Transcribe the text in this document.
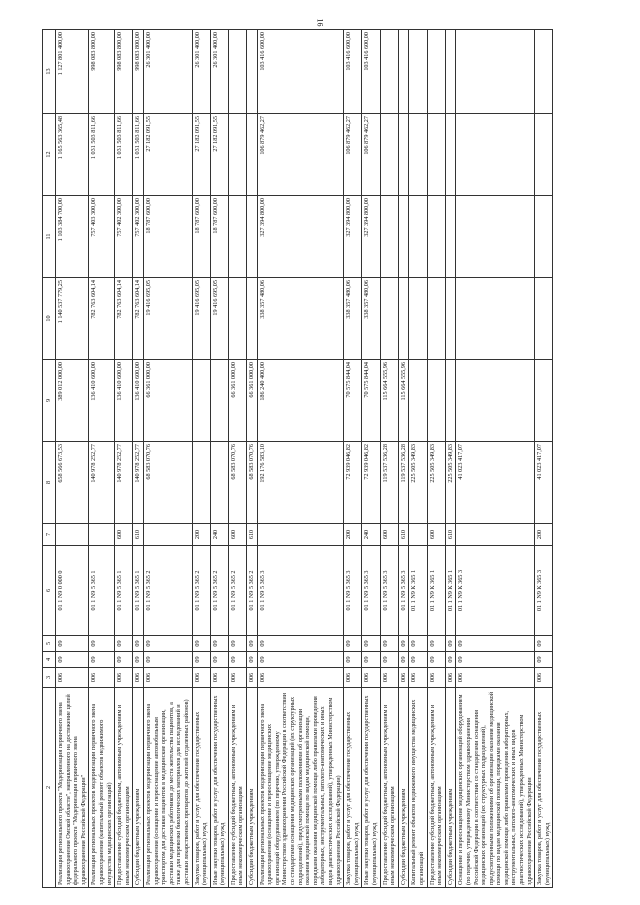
16
2	3	4	5	6	7	8	9	10	11	12	13
Реализация регионального проекта "Модернизация первичного звена здравоохранения Омской области", направленного на достижение целей федерального проекта "Модернизация первичного звена здравоохранения Российской Федерации"	006	09	09	01 1 N9 0 000 0		658 566 673,53	389 012 000,00	1 140 537 779,25	1 103 384 700,00	1 165 563 365,48	1 127 801 400,00
Реализация региональных проектов модернизации первичного звена здравоохранения (капитальный ремонт объектов недвижимого имущества медицинских организаций)	006	09	09	01 1 N9 5 365 1		140 978 252,77	136 410 600,00	782 763 604,14	757 403 300,00	1 031 503 811,66	998 083 800,00
Предоставление субсидий бюджетным, автономным учреждениям и иным некоммерческим организациям	006	09	09	01 1 N9 5 365 1	600	140 978 252,77	136 410 600,00	782 763 604,14	757 402 300,00	1 031 503 811,66	998 083 800,00
Субсидии бюджетным учреждениям	006	09	09	01 1 N9 5 365 1	610	140 978 252,77	136 410 600,00	782 763 604,14	757 402 300,00	1 031 503 811,66	998 083 800,00
Реализация региональных проектов модернизации первичного звена здравоохранения (оснащение и переоснащение автомобильным транспортом для доставки пациентов в медицинские организации, доставки медицинских работников до места жительства пациентов, а также для перевозки биологических материалов для исследований и доставки лекарственных препаратов до жителей отдаленных районов)	006	09	09	01 1 N9 5 365 2		68 583 070,76	66 361 000,00	19 416 695,05	18 787 600,00	27 182 091,55	26 301 400,00
Закупка товаров, работ и услуг для обеспечения государственных (муниципальных) нужд	006	09	09	01 1 N9 5 365 2	200			19 416 695,05	18 787 600,00	27 182 091,55	26 301 400,00
Иные закупки товаров, работ и услуг для обеспечения государственных (муниципальных) нужд	006	09	09	01 1 N9 5 365 2	240			19 416 695,05	18 787 600,00	27 182 091,55	26 301 400,00
Предоставление субсидий бюджетным, автономным учреждениям и иным некоммерческим организациям	006	09	09	01 1 N9 5 365 2	600	68 583 070,76	66 361 000,00				
Субсидии бюджетным учреждениям	006	09	09	01 1 N9 5 365 2	610	68 583 070,76	66 361 000,00				
Реализация региональных проектов модернизации первичного звена здравоохранения (оснащение и переоснащение медицинских организаций оборудованием (по перечню, утвержденному Министерством здравоохранения Российской Федерации в соответствии со стандартами оснащения медицинских организаций (их структурных подразделений), предусмотренными положениями об организации оказания медицинской помощи по видам медицинской помощи, порядками оказания медицинской помощи либо правилами проведения лабораторных, инструментальных, патолого-анатомических и иных видов диагностических исследований), утвержденных Министерством здравоохранения Российской Федерации)	006	09	09	01 1 N9 5 365 3		192 176 583,10	186 240 400,00	338 357 480,06	327 394 800,00	106 879 462,27	103 416 600,00
Закупка товаров, работ и услуг для обеспечения государственных (муниципальных) нужд	006	09	09	01 1 N9 5 365 3	200	72 939 046,82	70 575 844,04	338 357 480,06	327 394 800,00	106 879 462,27	103 416 600,00
Иные закупки товаров, работ и услуг для обеспечения государственных (муниципальных) нужд	006	09	09	01 1 N9 5 365 3	240	72 939 046,82	70 575 844,04	338 357 480,06	327 394 800,00	106 879 462,27	103 416 600,00
Предоставление субсидий бюджетным, автономным учреждениям и иным некоммерческим организациям	006	09	09	01 1 N9 5 365 3	600	119 537 536,28	115 664 555,96				
Субсидии бюджетным учреждениям	006	09	09	01 1 N9 5 365 3	610	119 537 536,28	115 664 555,96				
Капитальный ремонт объектов недвижимого имущества медицинских организаций	006	09	09	01 1 N9 К 365 1		225 505 349,83					
Предоставление субсидий бюджетным, автономным учреждениям и иным некоммерческим организациям	006	09	09	01 1 N9 К 365 1	600	225 505 349,83					
Субсидии бюджетным учреждениям	006	09	09	01 1 N9 К 365 1	610	225 505 349,83					
Оснащение и переоснащение медицинских организаций оборудованием (по перечню, утвержденному Министерством здравоохранения Российской Федерации в соответствии со стандартами оснащения медицинских организаций (их структурных подразделений), предусмотренными положениями об организации оказания медицинской помощи по видам медицинской помощи, порядками оказания медицинской помощи либо правилами проведения лабораторных, инструментальных, патолого-анатомических и иных видов диагностических исследований), утвержденных Министерством здравоохранения Российской Федерации	006	09	09	01 1 N9 К 365 3		41 023 417,07					
Закупка товаров, работ и услуг для обеспечения государственных (муниципальных) нужд	006	09	09	01 1 N9 К 365 3	200	41 023 417,07					
